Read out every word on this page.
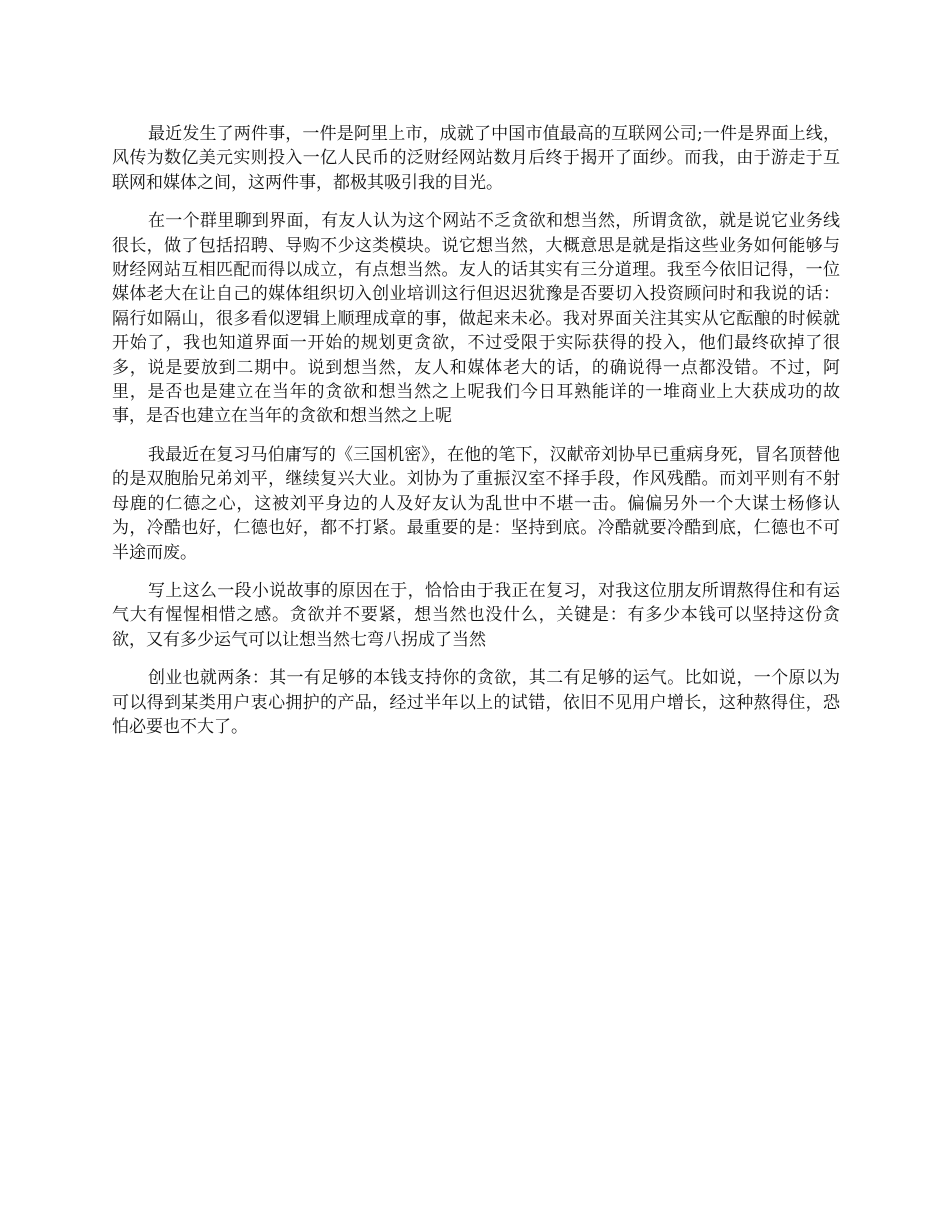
最近发生了两件事，一件是阿里上市，成就了中国市值最高的互联网公司;一件是界面上线，风传为数亿美元实则投入一亿人民币的泛财经网站数月后终于揭开了面纱。而我，由于游走于互联网和媒体之间，这两件事，都极其吸引我的目光。

在一个群里聊到界面，有友人认为这个网站不乏贪欲和想当然，所谓贪欲，就是说它业务线很长，做了包括招聘、导购不少这类模块。说它想当然，大概意思是就是指这些业务如何能够与财经网站互相匹配而得以成立，有点想当然。友人的话其实有三分道理。我至今依旧记得，一位媒体老大在让自己的媒体组织切入创业培训这行但迟迟犹豫是否要切入投资顾问时和我说的话：隔行如隔山，很多看似逻辑上顺理成章的事，做起来未必。我对界面关注其实从它酝酿的时候就开始了，我也知道界面一开始的规划更贪欲，不过受限于实际获得的投入，他们最终砍掉了很多，说是要放到二期中。说到想当然，友人和媒体老大的话，的确说得一点都没错。不过，阿里，是否也是建立在当年的贪欲和想当然之上呢我们今日耳熟能详的一堆商业上大获成功的故事，是否也建立在当年的贪欲和想当然之上呢

我最近在复习马伯庸写的《三国机密》，在他的笔下，汉献帝刘协早已重病身死，冒名顶替他的是双胞胎兄弟刘平，继续复兴大业。刘协为了重振汉室不择手段，作风残酷。而刘平则有不射母鹿的仁德之心，这被刘平身边的人及好友认为乱世中不堪一击。偏偏另外一个大谋士杨修认为，冷酷也好，仁德也好，都不打紧。最重要的是：坚持到底。冷酷就要冷酷到底，仁德也不可半途而废。

写上这么一段小说故事的原因在于，恰恰由于我正在复习，对我这位朋友所谓熬得住和有运气大有惺惺相惜之感。贪欲并不要紧，想当然也没什么，关键是：有多少本钱可以坚持这份贪欲，又有多少运气可以让想当然七弯八拐成了当然

创业也就两条：其一有足够的本钱支持你的贪欲，其二有足够的运气。比如说，一个原以为可以得到某类用户衷心拥护的产品，经过半年以上的试错，依旧不见用户增长，这种熬得住，恐怕必要也不大了。
